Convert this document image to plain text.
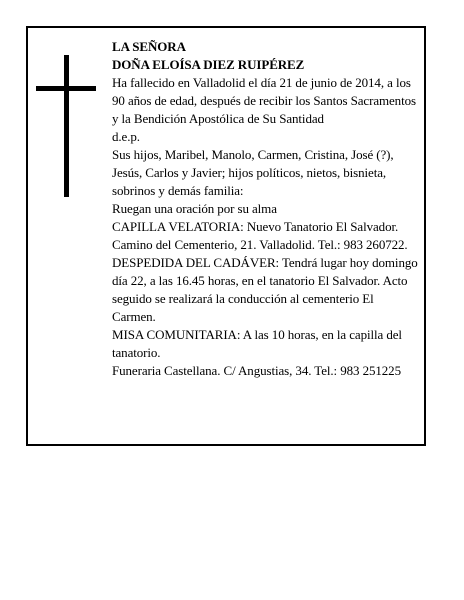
LA SEÑORA

DOÑA ELOÍSA DIEZ RUIPÉREZ

Ha fallecido en Valladolid el día 21 de junio de 2014, a los 90 años de edad, después de recibir los Santos Sacramentos y la Bendición Apostólica de Su Santidad

d.e.p.

Sus hijos, Maribel, Manolo, Carmen, Cristina, José (?), Jesús, Carlos y Javier; hijos políticos, nietos, bisnieta, sobrinos y demás familia:

Ruegan una oración por su alma

CAPILLA VELATORIA: Nuevo Tanatorio El Salvador. Camino del Cementerio, 21. Valladolid. Tel.: 983 260722.

DESPEDIDA DEL CADÁVER: Tendrá lugar hoy domingo día 22, a las 16.45 horas, en el tanatorio El Salvador. Acto seguido se realizará la conducción al cementerio El Carmen.

MISA COMUNITARIA: A las 10 horas, en la capilla del tanatorio.

Funeraria Castellana. C/ Angustias, 34. Tel.: 983 251225
